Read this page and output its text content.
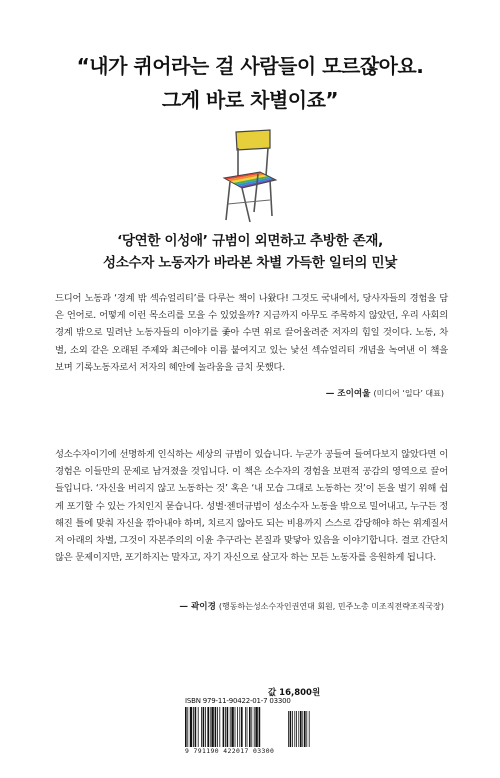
“내가 퀴어라는 걸 사람들이 모르잖아요.
그게 바로 차별이죠”
‘당연한 이성애’ 규범이 외면하고 추방한 존재,
성소수자 노동자가 바라본 차별 가득한 일터의 민낯

드디어 노동과 ‘경계 밖 섹슈얼리티’를 다루는 책이 나왔다! 그것도 국내에서, 당사자들의 경험을 담은 언어로. 어떻게 이런 목소리를 모을 수 있었을까? 지금까지 아무도 주목하지 않았던, 우리 사회의 경계 밖으로 밀려난 노동자들의 이야기를 좇아 수면 위로 끌어올려준 저자의 힘일 것이다. 노동, 차별, 소외 같은 오래된 주제와 최근에야 이름 붙여지고 있는 낯선 섹슈얼리티 개념을 녹여낸 이 책을 보며 기록노동자로서 저자의 혜안에 놀라움을 금치 못했다.

— 조이여울 (미디어 ‘일다’ 대표)

성소수자이기에 선명하게 인식하는 세상의 규범이 있습니다. 누군가 공들여 들여다보지 않았다면 이 경험은 이들만의 문제로 남겨졌을 것입니다. 이 책은 소수자의 경험을 보편적 공감의 영역으로 끌어들입니다. ‘자신을 버리지 않고 노동하는 것’ 혹은 ‘내 모습 그대로 노동하는 것’이 돈을 벌기 위해 쉽게 포기할 수 있는 가치인지 묻습니다. 성별·젠더규범이 성소수자 노동을 밖으로 밀어내고, 누구든 정해진 틀에 맞춰 자신을 깎아내야 하며, 치르지 않아도 되는 비용까지 스스로 감당해야 하는 위계질서 저 아래의 차별, 그것이 자본주의의 이윤 추구라는 본질과 맞닿아 있음을 이야기합니다. 결코 간단치 않은 문제이지만, 포기하지는 말자고, 자기 자신으로 살고자 하는 모든 노동자를 응원하게 됩니다.

— 곽이경 (행동하는성소수자인권연대 회원, 민주노총 미조직전략조직국장)
값 16,800원
ISBN 979-11-90422-01-7 03300
9 791190 422017 03300
